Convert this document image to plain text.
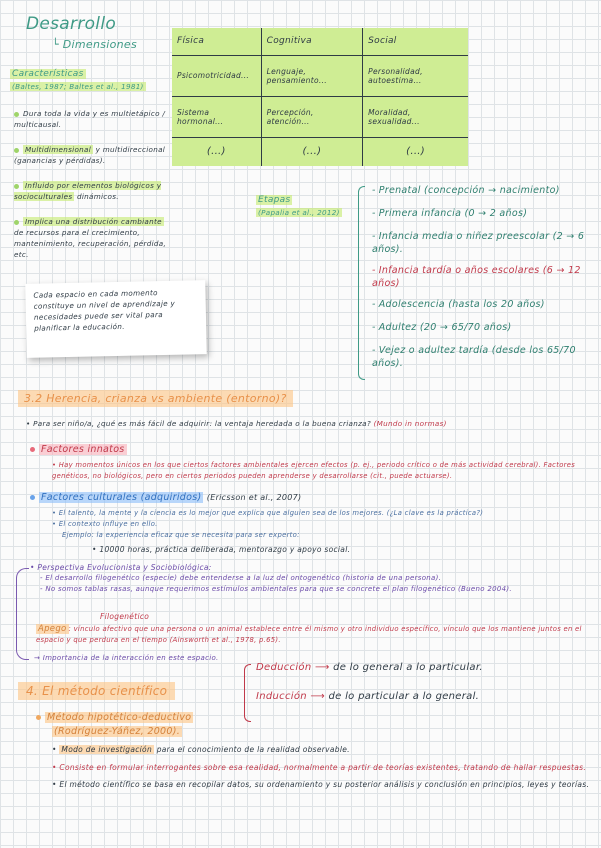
Desarrollo
└ Dimensiones
Características
(Baltes, 1987; Baltes et al., 1981)
Dura toda la vida y es multietápico / multicausal.
Multidimensional y multidireccional (ganancias y pérdidas).
Influido por elementos biológicos y socioculturales dinámicos.
Implica una distribución cambiante de recursos para el crecimiento, mantenimiento, recuperación, pérdida, etc.
Física	Cognitiva	Social
Psicomotricidad...	Lenguaje, pensamiento...	Personalidad, autoestima...
Sistema hormonal...	Percepción, atención...	Moralidad, sexualidad...
(...)	(...)	(...)
Cada espacio en cada momento constituye un nivel de aprendizaje y necesidades puede ser vital para planificar la educación.
Etapas
(Papalia et al., 2012)
- Prenatal (concepción → nacimiento)
- Primera infancia (0 → 2 años)
- Infancia media o niñez preescolar (2 → 6 años).
- Infancia tardía o años escolares (6 → 12 años)
- Adolescencia (hasta los 20 años)
- Adultez (20 → 65/70 años)
- Vejez o adultez tardía (desde los 65/70 años).
3.2 Herencia, crianza vs ambiente (entorno)?
• Para ser niño/a, ¿qué es más fácil de adquirir: la ventaja heredada o la buena crianza? (Mundo in normas)
Factores innatos
• Hay momentos únicos en los que ciertos factores ambientales ejercen efectos (p. ej., periodo crítico o de más actividad cerebral). Factores genéticos, no biológicos, pero en ciertos periodos pueden aprenderse y desarrollarse (cit., puede actuarse).
Factores culturales (adquiridos) (Ericsson et al., 2007)
• El talento, la mente y la ciencia es lo mejor que explica que alguien sea de los mejores. (¿La clave es la práctica?)
• El contexto influye en ello.
Ejemplo: la experiencia eficaz que se necesita para ser experto:
• 10000 horas, práctica deliberada, mentorazgo y apoyo social.
• Perspectiva Evolucionista y Sociobiológica:
- El desarrollo filogenético (especie) debe entenderse a la luz del ontogenético (historia de una persona).
- No somos tablas rasas, aunque requerimos estímulos ambientales para que se concrete el plan filogenético (Bueno 2004).
Filogenético
Apego : vínculo afectivo que una persona o un animal establece entre él mismo y otro individuo específico, vínculo que los mantiene juntos en el espacio y que perdura en el tiempo (Ainsworth et al., 1978, p.65).
→ Importancia de la interacción en este espacio.
4. El método científico
Deducción ⟶ de lo general a lo particular.
Inducción ⟶ de lo particular a lo general.
Método hipotético-deductivo
(Rodríguez-Yáñez, 2000).
• Modo de investigación para el conocimiento de la realidad observable.
• Consiste en formular interrogantes sobre esa realidad, normalmente a partir de teorías existentes, tratando de hallar respuestas.
• El método científico se basa en recopilar datos, su ordenamiento y su posterior análisis y conclusión en principios, leyes y teorías.
